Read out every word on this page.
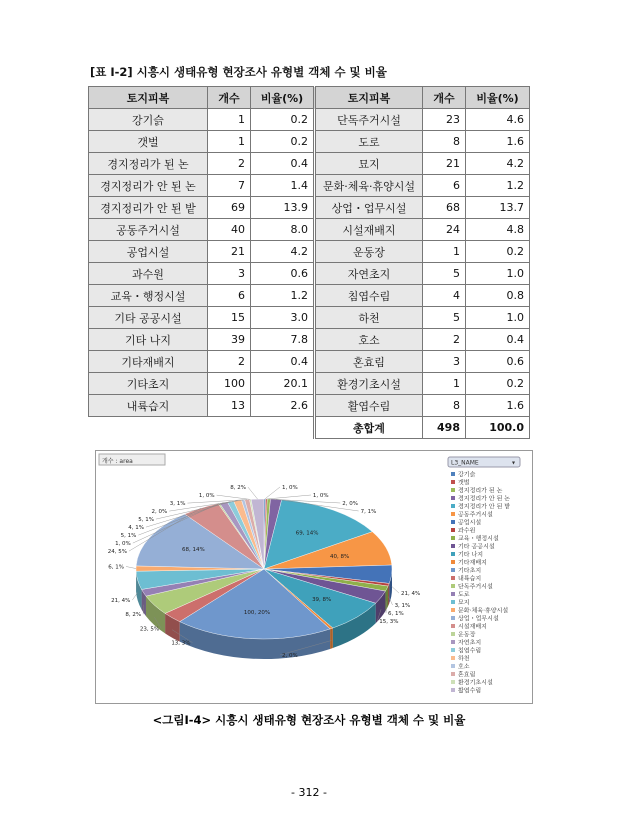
[표 Ⅰ-2] 시흥시 생태유형 현장조사 유형별 객체 수 및 비율
토지피복	개수	비율(%)	토지피복	개수	비율(%)
강기슭	1	0.2	단독주거시설	23	4.6
갯벌	1	0.2	도로	8	1.6
경지정리가 된 논	2	0.4	묘지	21	4.2
경지정리가 안 된 논	7	1.4	문화·체육·휴양시설	6	1.2
경지정리가 안 된 밭	69	13.9	상업・업무시설	68	13.7
공동주거시설	40	8.0	시설재배지	24	4.8
공업시설	21	4.2	운동장	1	0.2
과수원	3	0.6	자연초지	5	1.0
교육・행정시설	6	1.2	침엽수림	4	0.8
기타 공공시설	15	3.0	하천	5	1.0
기타 나지	39	7.8	호소	2	0.4
기타재배지	2	0.4	혼효림	3	0.6
기타초지	100	20.1	환경기초시설	1	0.2
내륙습지	13	2.6	활엽수림	8	1.6
			총합계	498	100.0
개수 : area
69, 14%
40, 8%
39, 8%
100, 20%
68, 14%
8, 2%
1, 0%
3, 1%
2, 0%
5, 1%
4, 1%
5, 1%
1, 0%
24, 5%
6, 1%
21, 4%
8, 2%
23, 5%
13, 3%
1, 0%
1, 0%
2, 0%
7, 1%
21, 4%
3, 1%
6, 1%
15, 3%
2, 0%
L3_NAME	▾
강기슭
갯벌
경지정리가 된 논
경지정리가 안 된 논
경지정리가 안 된 밭
공동주거시설
공업시설
과수원
교육・행정시설
기타 공공시설
기타 나지
기타재배지
기타초지
내륙습지
단독주거시설
도로
묘지
문화·체육·휴양시설
상업・업무시설
시설재배지
운동장
자연초지
침엽수림
하천
호소
혼효림
환경기초시설
활엽수림
<그림Ⅰ-4> 시흥시 생태유형 현장조사 유형별 객체 수 및 비율
- 312 -
